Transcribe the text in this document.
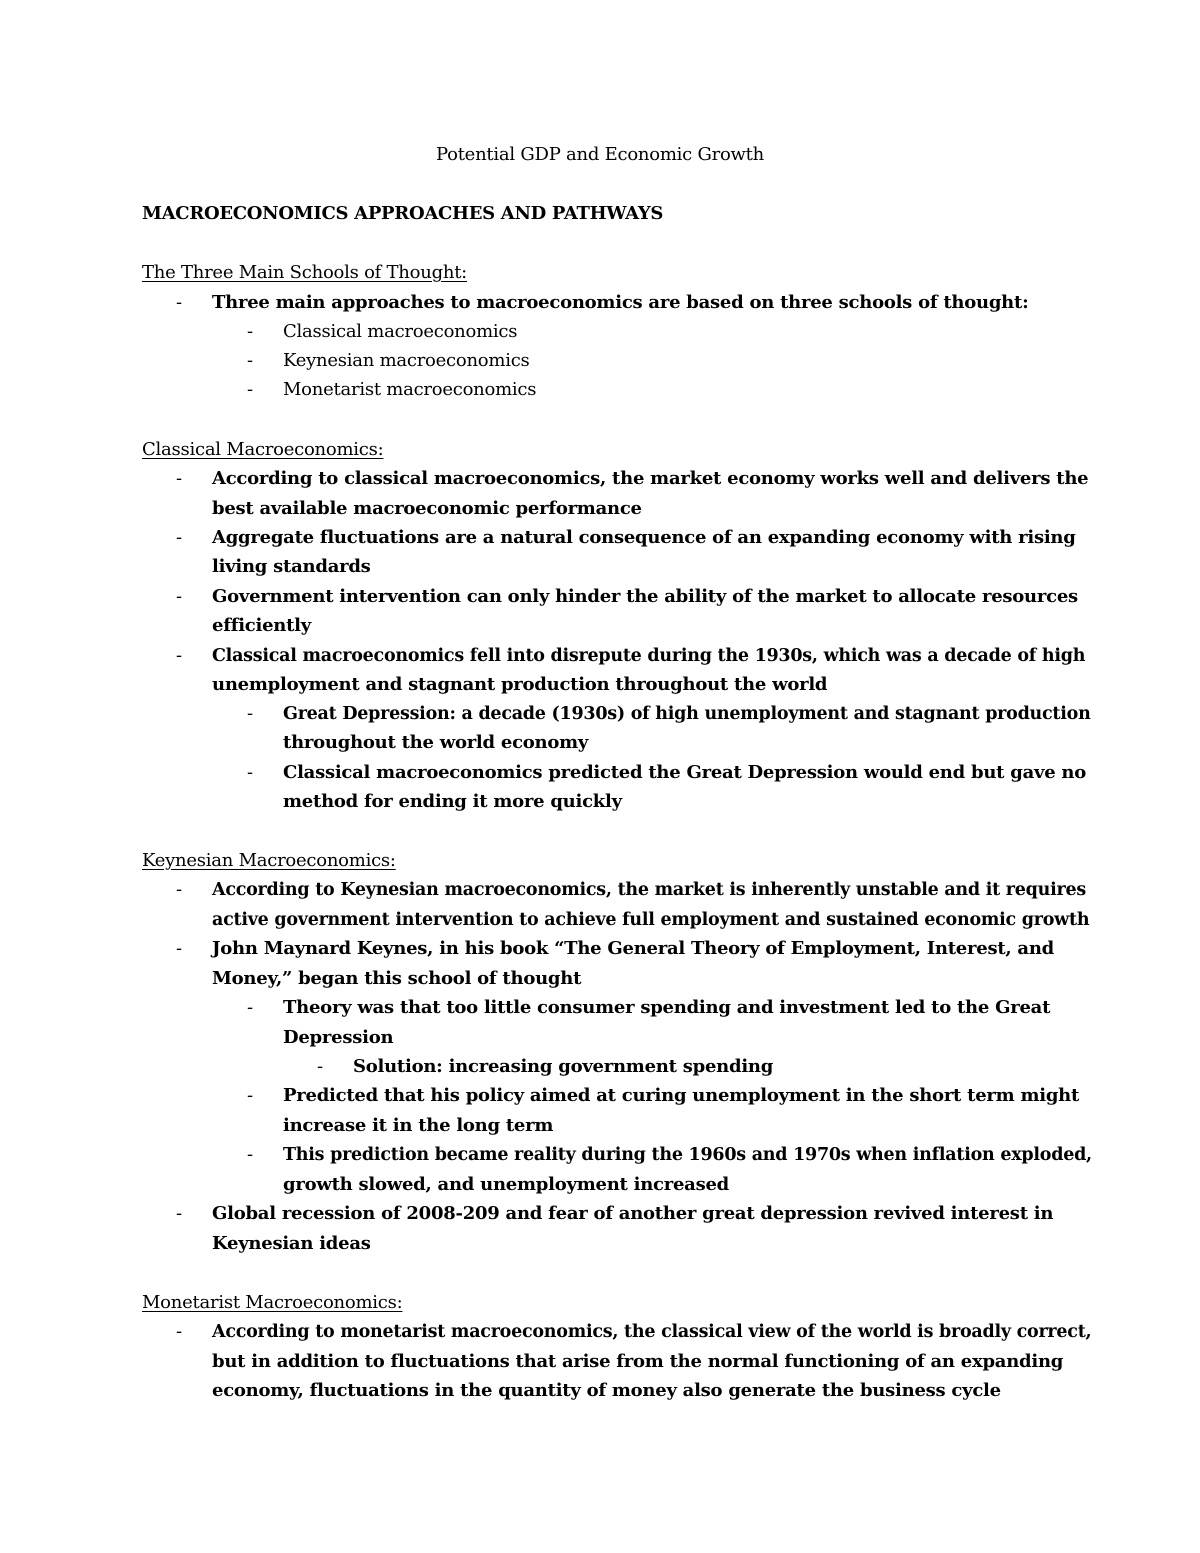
Potential GDP and Economic Growth
MACROECONOMICS APPROACHES AND PATHWAYS
The Three Main Schools of Thought:
- Three main approaches to macroeconomics are based on three schools of thought:
- Classical macroeconomics
- Keynesian macroeconomics
- Monetarist macroeconomics
Classical Macroeconomics:
- According to classical macroeconomics, the market economy works well and delivers the
best available macroeconomic performance
- Aggregate fluctuations are a natural consequence of an expanding economy with rising
living standards
- Government intervention can only hinder the ability of the market to allocate resources
efficiently
- Classical macroeconomics fell into disrepute during the 1930s, which was a decade of high
unemployment and stagnant production throughout the world
- Great Depression: a decade (1930s) of high unemployment and stagnant production
throughout the world economy
- Classical macroeconomics predicted the Great Depression would end but gave no
method for ending it more quickly
Keynesian Macroeconomics:
- According to Keynesian macroeconomics, the market is inherently unstable and it requires
active government intervention to achieve full employment and sustained economic growth
- John Maynard Keynes, in his book “The General Theory of Employment, Interest, and
Money,” began this school of thought
- Theory was that too little consumer spending and investment led to the Great
Depression
- Solution: increasing government spending
- Predicted that his policy aimed at curing unemployment in the short term might
increase it in the long term
- This prediction became reality during the 1960s and 1970s when inflation exploded,
growth slowed, and unemployment increased
- Global recession of 2008-209 and fear of another great depression revived interest in
Keynesian ideas
Monetarist Macroeconomics:
- According to monetarist macroeconomics, the classical view of the world is broadly correct,
but in addition to fluctuations that arise from the normal functioning of an expanding
economy, fluctuations in the quantity of money also generate the business cycle
